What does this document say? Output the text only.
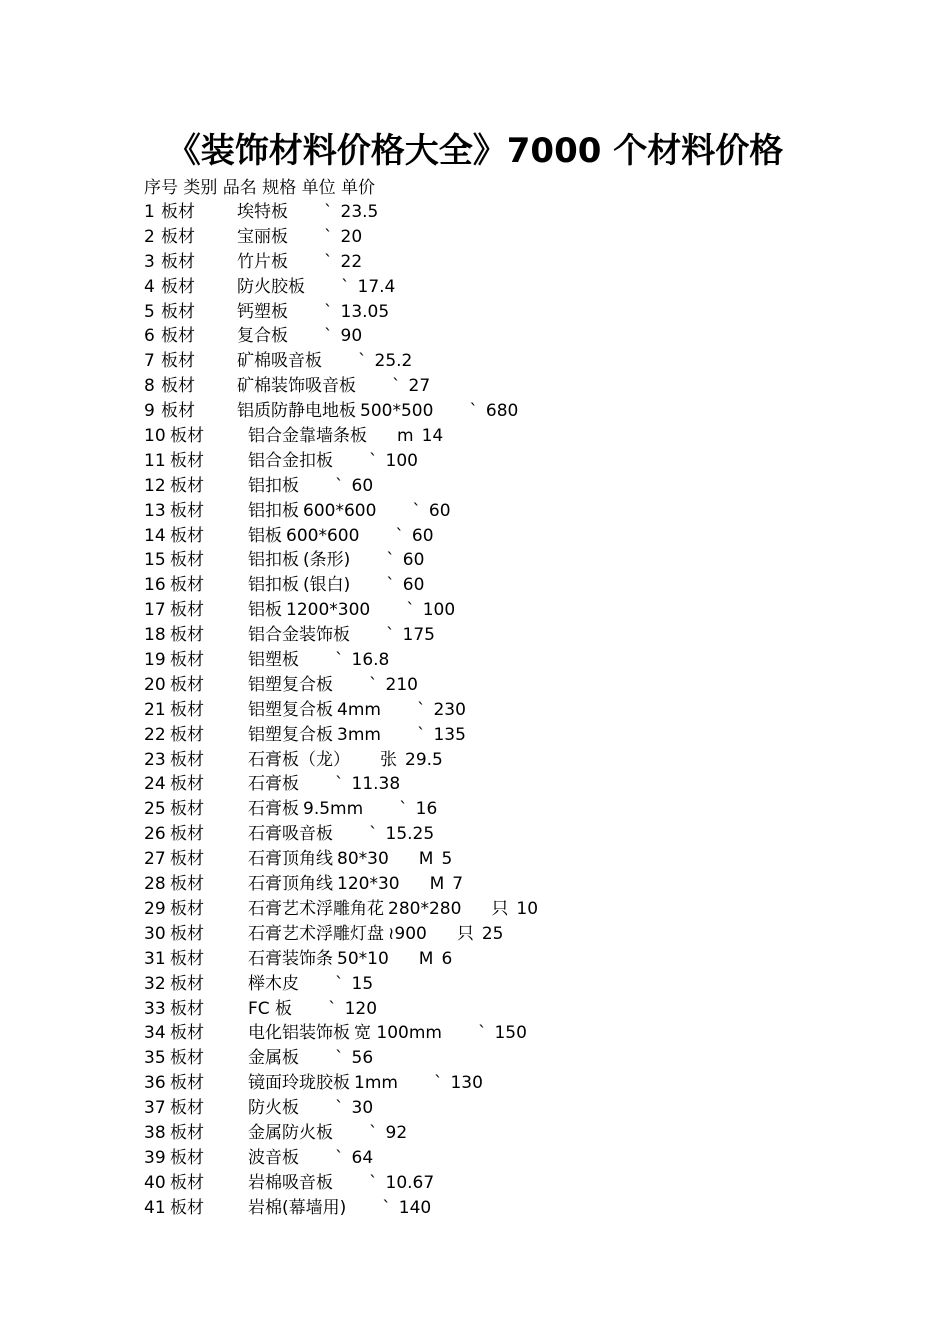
《装饰材料价格大全》7000 个材料价格
序号 类别 品名 规格 单位 单价
1 板材 埃特板 ` 23.5
2 板材 宝丽板 ` 20
3 板材 竹片板 ` 22
4 板材 防火胶板 ` 17.4
5 板材 钙塑板 ` 13.05
6 板材 复合板 ` 90
7 板材 矿棉吸音板 ` 25.2
8 板材 矿棉装饰吸音板 ` 27
9 板材 铝质防静电地板 500*500 ` 680
10 板材	铝合金靠墙条板 m 14
11 板材	铝合金扣板 ` 100
12 板材	铝扣板 ` 60
13 板材	铝扣板 600*600 ` 60
14 板材	铝板 600*600 ` 60
15 板材	铝扣板 (条形) ` 60
16 板材	铝扣板 (银白) ` 60
17 板材	铝板 1200*300 ` 100
18 板材	铝合金装饰板 ` 175
19 板材	铝塑板 ` 16.8
20 板材	铝塑复合板 ` 210
21 板材	铝塑复合板 4mm ` 230
22 板材	铝塑复合板 3mm ` 135
23 板材	石膏板（龙） 张 29.5
24 板材	石膏板 ` 11.38
25 板材	石膏板 9.5mm ` 16
26 板材	石膏吸音板 ` 15.25
27 板材	石膏顶角线 80*30 M 5
28 板材	石膏顶角线 120*30 M 7
29 板材	石膏艺术浮雕角花 280*280 只 10
30 板材	石膏艺术浮雕灯盘 ≀900 只 25
31 板材	石膏装饰条 50*10 M 6
32 板材	榉木皮 ` 15
33 板材	FC 板 ` 120
34 板材	电化铝装饰板 宽 100mm ` 150
35 板材	金属板 ` 56
36 板材	镜面玲珑胶板 1mm ` 130
37 板材	防火板 ` 30
38 板材	金属防火板 ` 92
39 板材	波音板 ` 64
40 板材	岩棉吸音板 ` 10.67
41 板材	岩棉(幕墙用) ` 140
